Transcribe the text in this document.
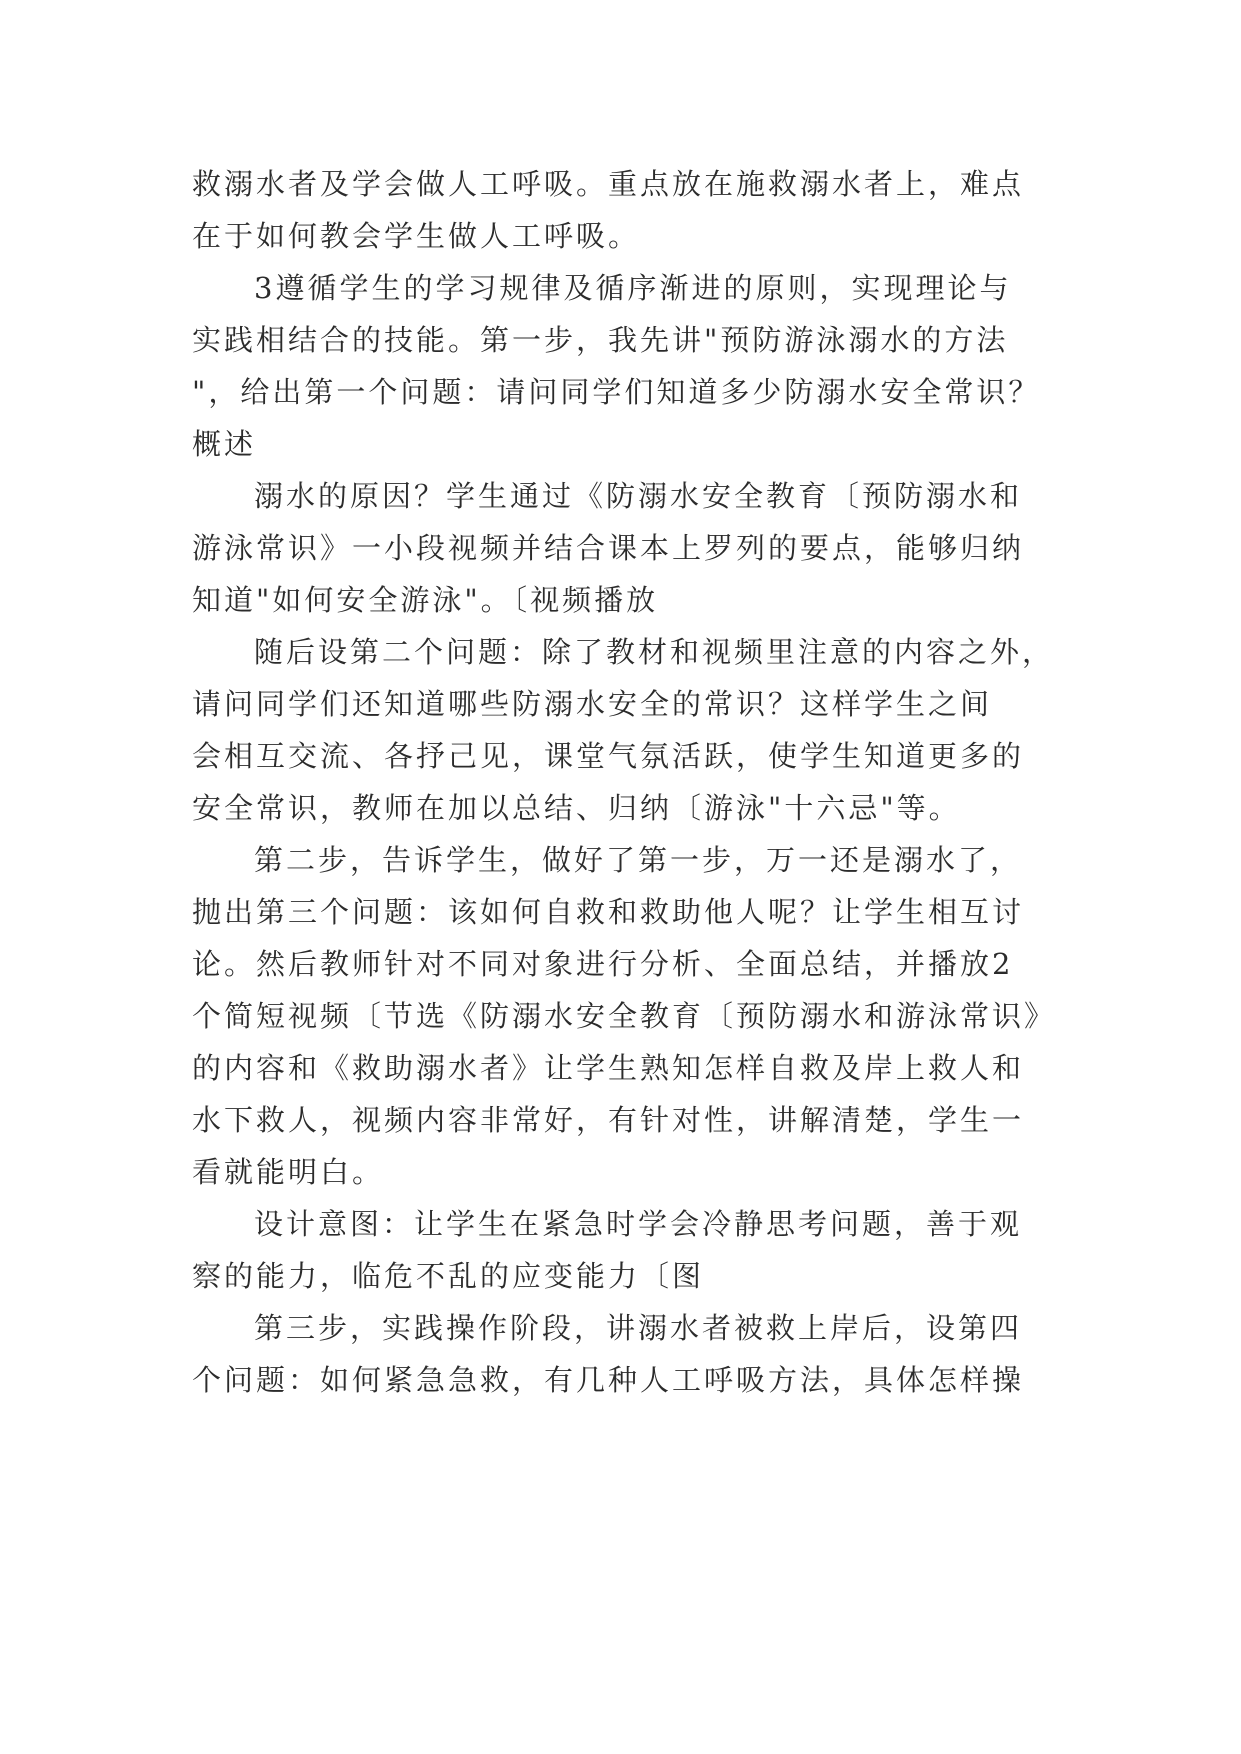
救溺水者及学会做人工呼吸。重点放在施救溺水者上，难点
在于如何教会学生做人工呼吸。

3遵循学生的学习规律及循序渐进的原则，实现理论与
实践相结合的技能。第一步，我先讲"预防游泳溺水的方法
"，给出第一个问题：请问同学们知道多少防溺水安全常识？
概述

溺水的原因？学生通过《防溺水安全教育〔预防溺水和
游泳常识》一小段视频并结合课本上罗列的要点，能够归纳
知道"如何安全游泳"。〔视频播放

随后设第二个问题：除了教材和视频里注意的内容之外，
请问同学们还知道哪些防溺水安全的常识？这样学生之间
会相互交流、各抒己见，课堂气氛活跃，使学生知道更多的
安全常识，教师在加以总结、归纳〔游泳"十六忌"等。

第二步，告诉学生，做好了第一步，万一还是溺水了，
抛出第三个问题：该如何自救和救助他人呢？让学生相互讨
论。然后教师针对不同对象进行分析、全面总结，并播放2
个简短视频〔节选《防溺水安全教育〔预防溺水和游泳常识》
的内容和《救助溺水者》让学生熟知怎样自救及岸上救人和
水下救人，视频内容非常好，有针对性，讲解清楚，学生一
看就能明白。

设计意图：让学生在紧急时学会冷静思考问题，善于观
察的能力，临危不乱的应变能力〔图

第三步，实践操作阶段，讲溺水者被救上岸后，设第四
个问题：如何紧急急救，有几种人工呼吸方法，具体怎样操
